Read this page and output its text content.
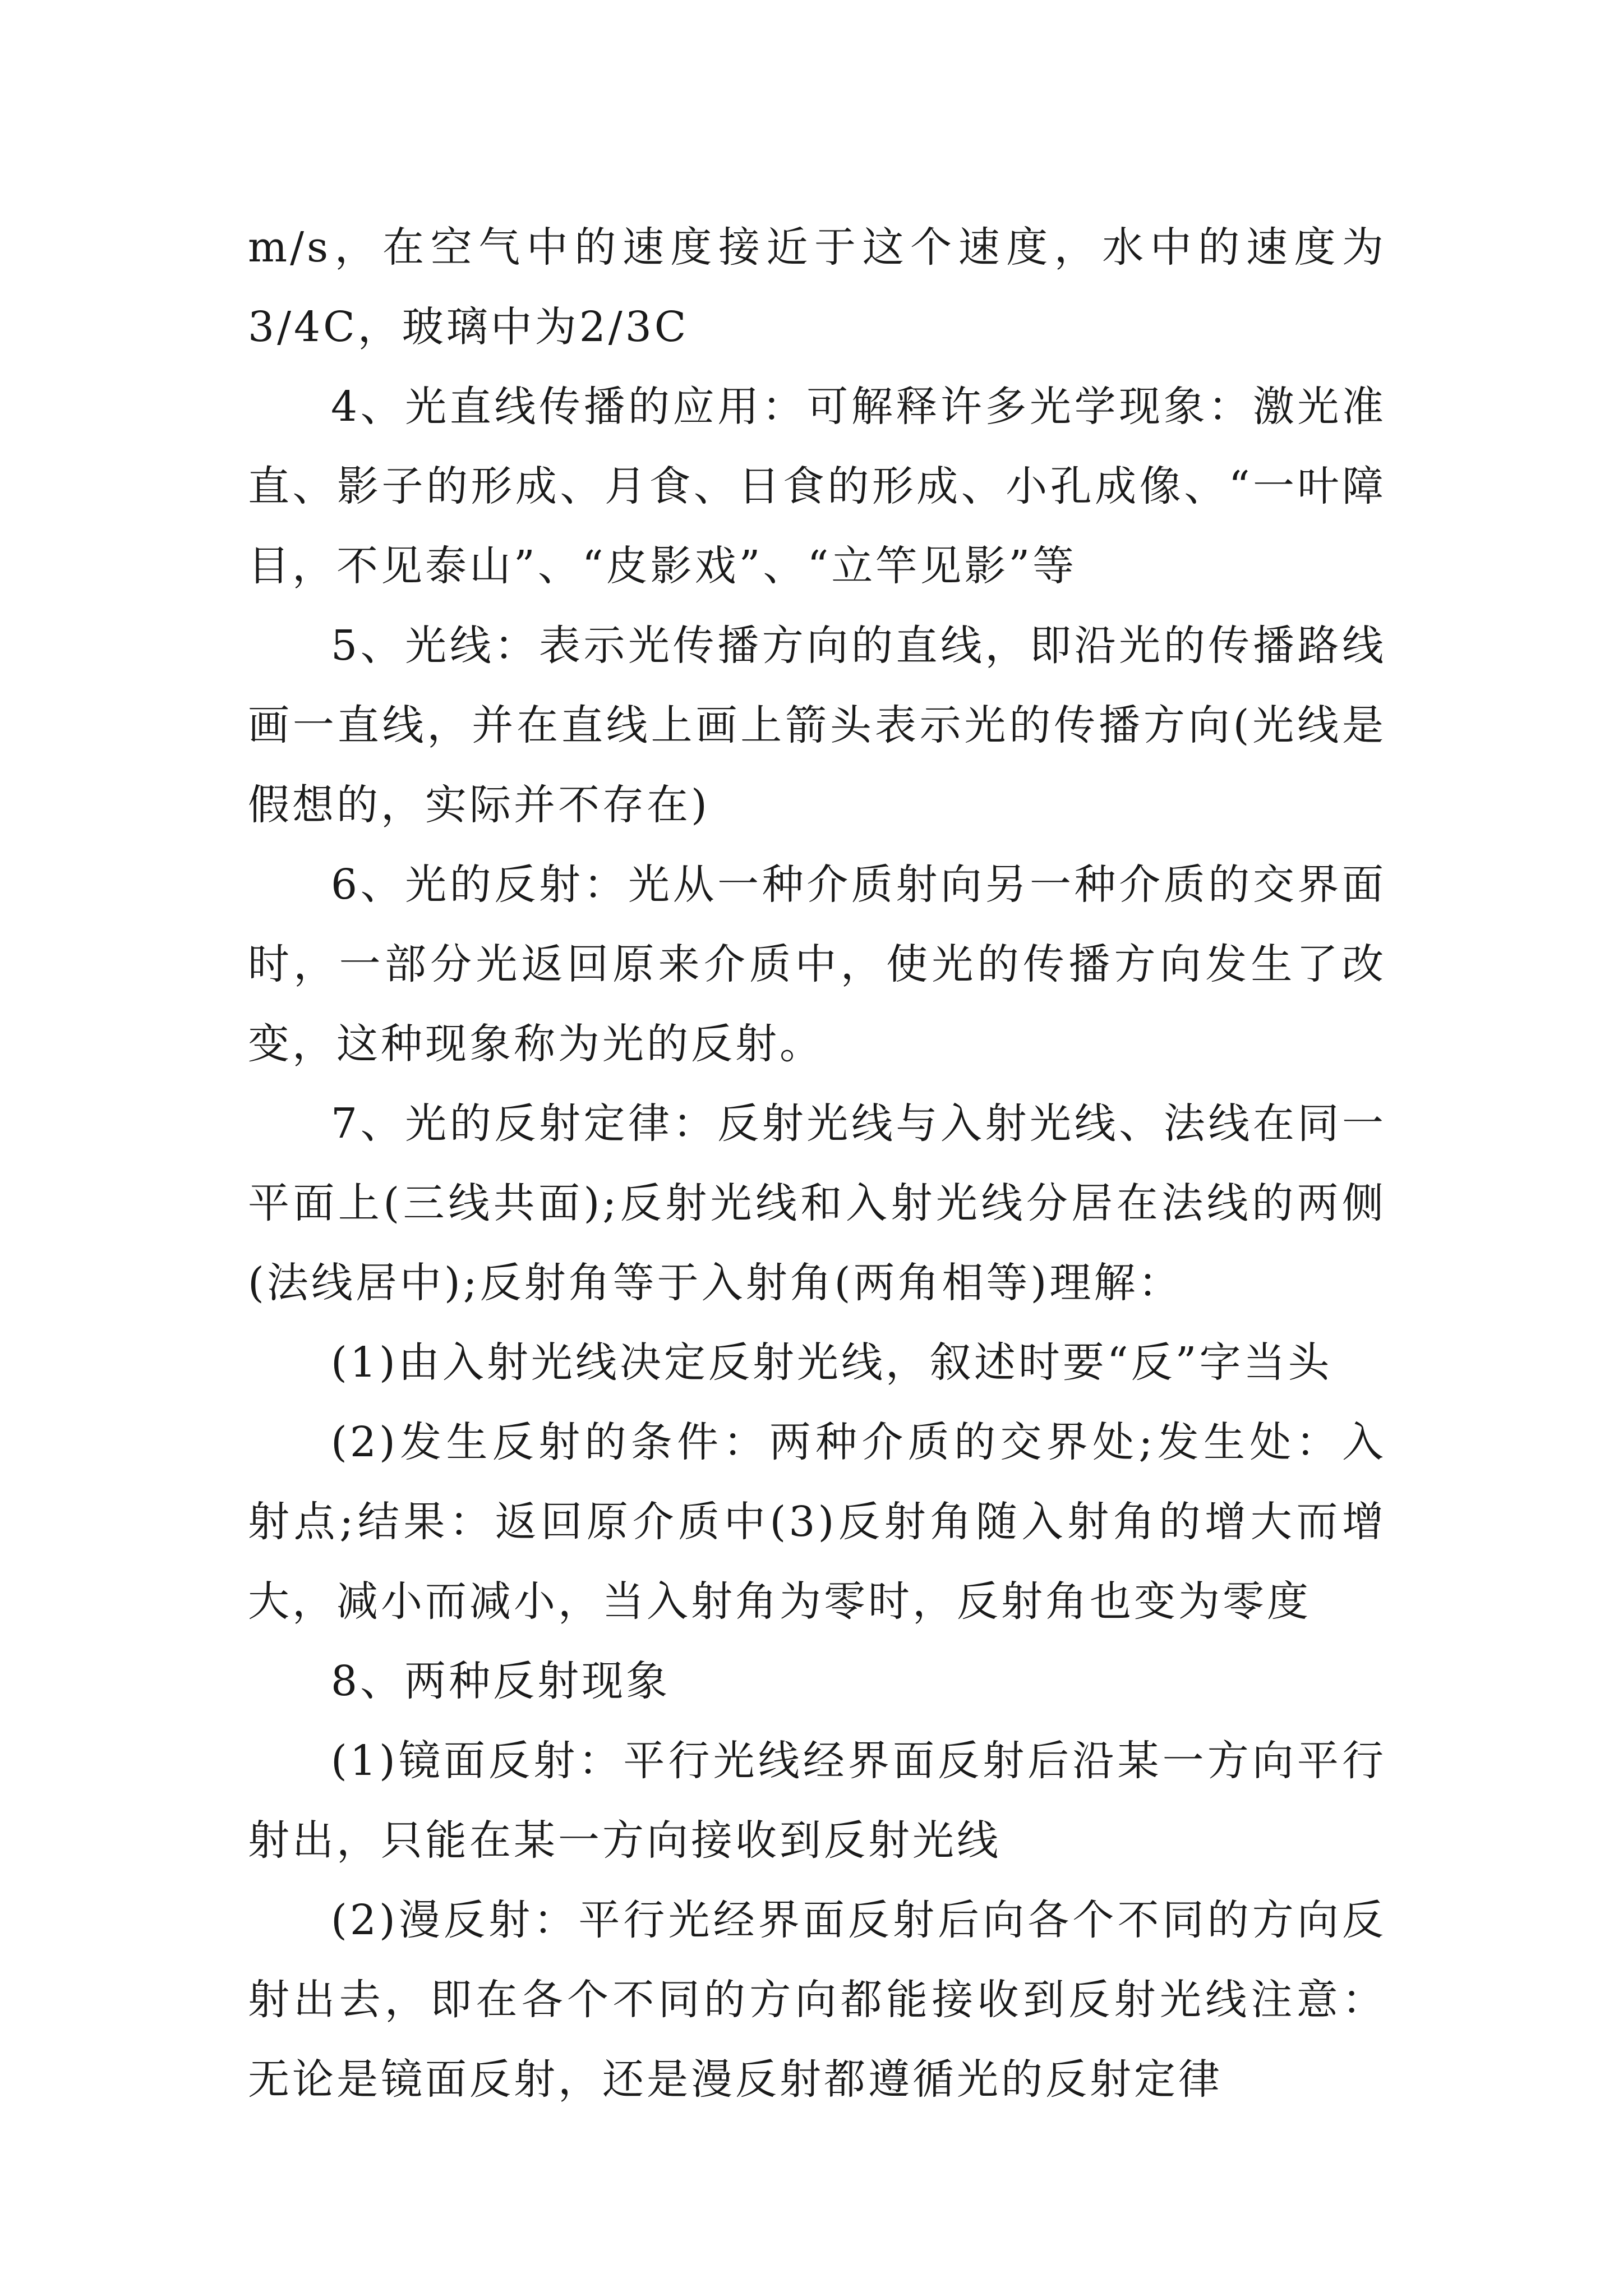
m/s，在空气中的速度接近于这个速度，水中的速度为3/4C，玻璃中为2/3C

4、光直线传播的应用：可解释许多光学现象：激光准直、影子的形成、月食、日食的形成、小孔成像、“一叶障目，不见泰山”、“皮影戏”、“立竿见影”等

5、光线：表示光传播方向的直线，即沿光的传播路线画一直线，并在直线上画上箭头表示光的传播方向(光线是假想的，实际并不存在)

6、光的反射：光从一种介质射向另一种介质的交界面时，一部分光返回原来介质中，使光的传播方向发生了改变，这种现象称为光的反射。

7、光的反射定律：反射光线与入射光线、法线在同一平面上(三线共面);反射光线和入射光线分居在法线的两侧(法线居中);反射角等于入射角(两角相等)理解：

(1)由入射光线决定反射光线，叙述时要“反”字当头

(2)发生反射的条件：两种介质的交界处;发生处：入射点;结果：返回原介质中(3)反射角随入射角的增大而增大，减小而减小，当入射角为零时，反射角也变为零度

8、两种反射现象

(1)镜面反射：平行光线经界面反射后沿某一方向平行射出，只能在某一方向接收到反射光线

(2)漫反射：平行光经界面反射后向各个不同的方向反射出去，即在各个不同的方向都能接收到反射光线注意：无论是镜面反射，还是漫反射都遵循光的反射定律
